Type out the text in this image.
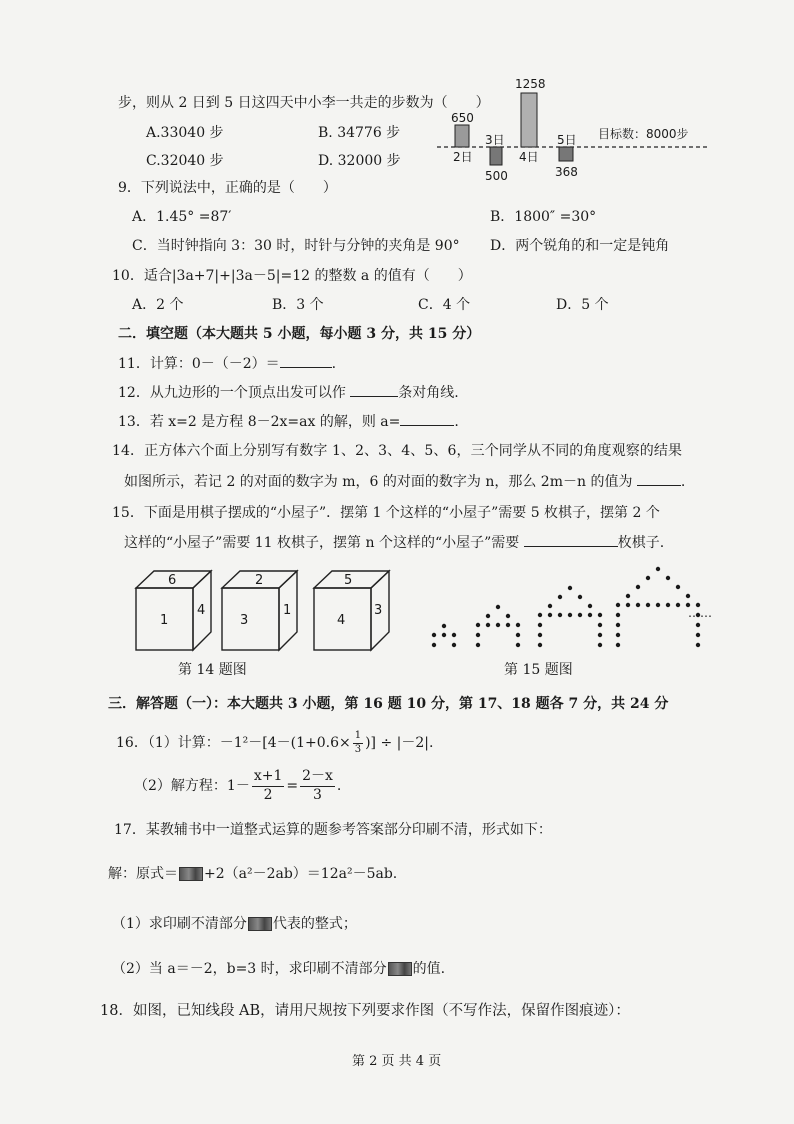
步，则从 2 日到 5 日这四天中小李一共走的步数为（　　）
A.33040 步	B. 34776 步
C.32040 步	D. 32000 步
650
2日
3日
500
1258
4日
5日
368
目标数：8000步
9．下列说法中，正确的是（　　）
A．1.45° =87′	B．1800″ =30°
C．当时钟指向 3：30 时，时针与分钟的夹角是 90° D．两个锐角的和一定是钝角
10．适合|3a+7|+|3a－5|=12 的整数 a 的值有（　　）
A．2 个	B．3 个	C．4 个	D．5 个
二．填空题（本大题共 5 小题，每小题 3 分，共 15 分）
11．计算：0－（－2）＝	.
12．从九边形的一个顶点出发可以作	条对角线.
13．若 x=2 是方程 8－2x=ax 的解，则 a=	.
14．正方体六个面上分别写有数字 1、2、3、4、5、6，三个同学从不同的角度观察的结果
如图所示，若记 2 的对面的数字为 m，6 的对面的数字为 n，那么 2m－n 的值为	.
15．下面是用棋子摆成的“小屋子”．摆第 1 个这样的“小屋子”需要 5 枚棋子，摆第 2 个
这样的“小屋子”需要 11 枚棋子，摆第 n 个这样的“小屋子”需要	枚棋子.
6
1
4
2
3
1
5
4
3
第 14 题图
……
第 15 题图
三．解答题（一）：本大题共 3 小题，第 16 题 10 分，第 17、18 题各 7 分，共 24 分
16．（1）计算：$-1^2-[4-(1+0.6\times \frac{1}{3}$ )] ÷ |－2|.
（2）解方程：$1- \frac{x+1}{2} = \frac{2-x}{3}$ .
17．某教辅书中一道整式运算的题参考答案部分印刷不清，形式如下：
解：原式＝ +2（a²－2ab）＝12a²－5ab.
（1）求印刷不清部分 代表的整式；
（2）当 a＝－2，b=3 时，求印刷不清部分 的值.
18．如图，已知线段 AB，请用尺规按下列要求作图（不写作法，保留作图痕迹）：
第 2 页 共 4 页
